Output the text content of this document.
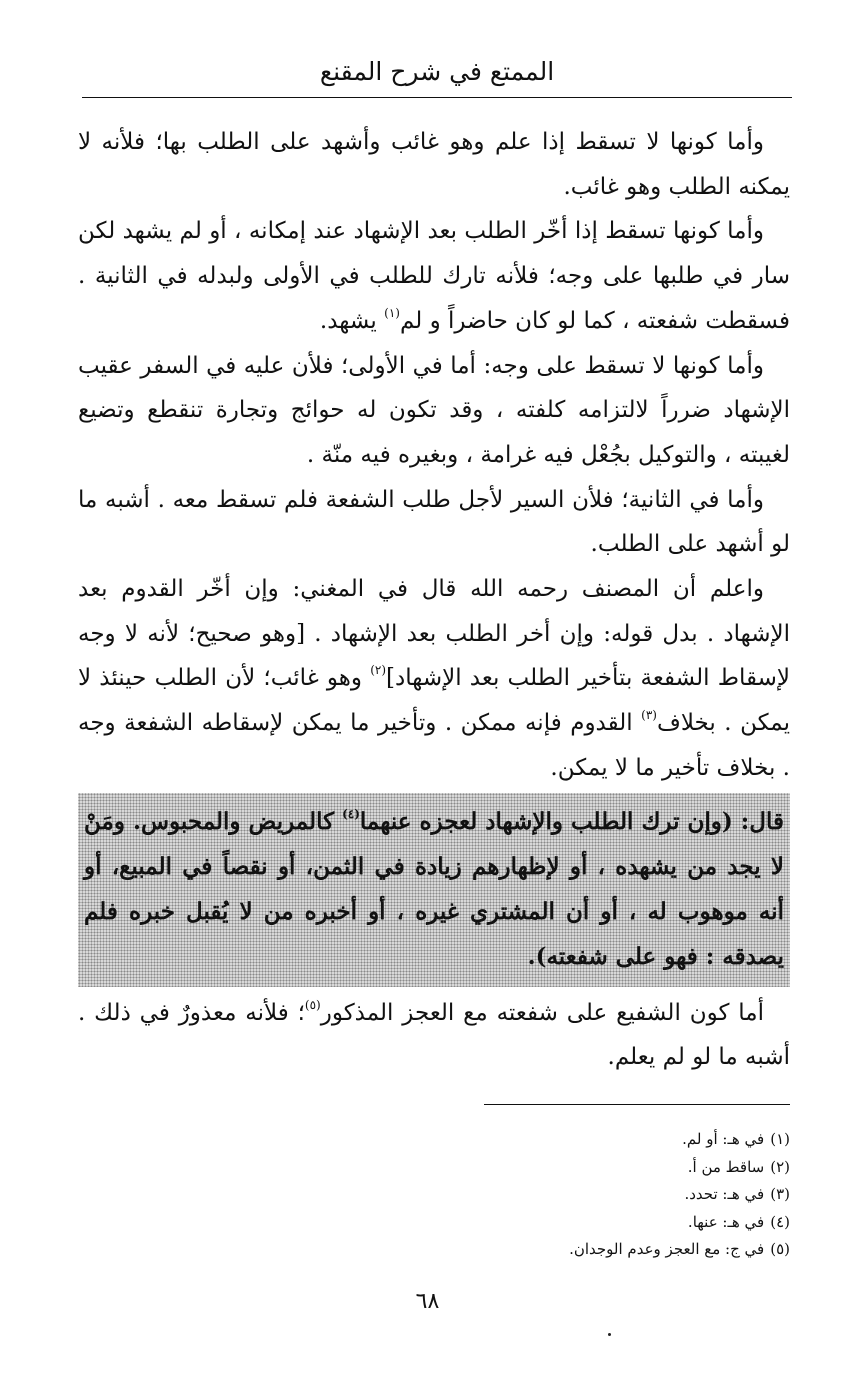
الممتع في شرح المقنع

وأما كونها لا تسقط إذا علم وهو غائب وأشهد على الطلب بها؛ فلأنه لا يمكنه الطلب وهو غائب.

وأما كونها تسقط إذا أخّر الطلب بعد الإشهاد عند إمكانه ، أو لم يشهد لكن سار في طلبها على وجه؛ فلأنه تارك للطلب في الأولى ولبدله في الثانية . فسقطت شفعته ، كما لو كان حاضراً و لم$^{(١)}$ يشهد.

وأما كونها لا تسقط على وجه: أما في الأولى؛ فلأن عليه في السفر عقيب الإشهاد ضرراً لالتزامه كلفته ، وقد تكون له حوائج وتجارة تنقطع وتضيع لغيبته ، والتوكيل بجُعْل فيه غرامة ، وبغيره فيه منّة .

وأما في الثانية؛ فلأن السير لأجل طلب الشفعة فلم تسقط معه . أشبه ما لو أشهد على الطلب.

واعلم أن المصنف رحمه الله قال في المغني: وإن أخّر القدوم بعد الإشهاد . بدل قوله: وإن أخر الطلب بعد الإشهاد . [وهو صحيح؛ لأنه لا وجه لإسقاط الشفعة بتأخير الطلب بعد الإشهاد]$^{(٢)}$ وهو غائب؛ لأن الطلب حينئذ لا يمكن . بخلاف$^{(٣)}$ القدوم فإنه ممكن . وتأخير ما يمكن لإسقاطه الشفعة وجه . بخلاف تأخير ما لا يمكن.

قال: (وإن ترك الطلب والإشهاد لعجزه عنهما$^{(٤)}$ كالمريض والمحبوس. ومَنْ لا يجد من يشهده ، أو لإظهارهم زيادة في الثمن، أو نقصاً في المبيع، أو أنه موهوب له ، أو أن المشتري غيره ، أو أخبره من لا يُقبل خبره فلم يصدقه : فهو على شفعته).

أما كون الشفيع على شفعته مع العجز المذكور$^{(٥)}$؛ فلأنه معذورٌ في ذلك . أشبه ما لو لم يعلم.

(١)في هـ: أو لم.
(٢)ساقط من أ.
(٣)في هـ: تحدد.
(٤)في هـ: عنها.
(٥)في ج: مع العجز وعدم الوجدان.
٦٨
